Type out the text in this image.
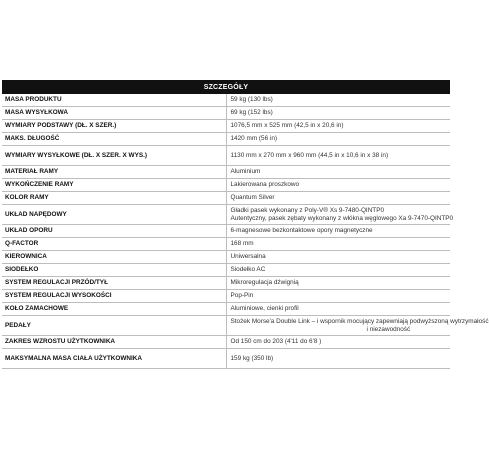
SZCZEGÓŁY	
MASA PRODUKTU	59 kg (130 lbs)
MASA WYSYŁKOWA	69 kg (152 lbs)
WYMIARY PODSTAWY (DŁ. X SZER.)	1076,5 mm x 525 mm (42,5 in x 20,6 in)
MAKS. DŁUGOŚĆ	1420 mm (56 in)
WYMIARY WYSYŁKOWE (DŁ. X SZER. X WYS.)	1130 mm x 270 mm x 960 mm (44,5 in x 10,6 in x 38 in)
MATERIAŁ RAMY	Aluminium
WYKOŃCZENIE RAMY	Lakierowana proszkowo
KOLOR RAMY	Quantum Silver
UKŁAD NAPĘDOWY	Gładki pasek wykonany z Poly-V® Xs 9-7480-QINTP0
Autentyczny, pasek zębaty wykonany z włókna węglowego Xa 9-7470-QINTP0

UKŁAD OPORU	6-magnesowe bezkontaktowe opory magnetyczne
Q-FACTOR	168 mm
KIEROWNICA	Uniwersalna
SIODEŁKO	Siodełko AC
SYSTEM REGULACJI PRZÓD/TYŁ	Mikroregulacja dźwignią
SYSTEM REGULACJI WYSOKOŚCI	Pop-Pin
KOŁO ZAMACHOWE	Aluminiowe, cienki profil
PEDAŁY	Stożek Morse'a Double Link – i wspornik mocujący zapewniają podwyższoną wytrzymałość
i niezawodność

ZAKRES WZROSTU UŻYTKOWNIKA	Od 150 cm do 203 (4'11 do 6'8 )
MAKSYMALNA MASA CIAŁA UŻYTKOWNIKA	159 kg (350 lb)
